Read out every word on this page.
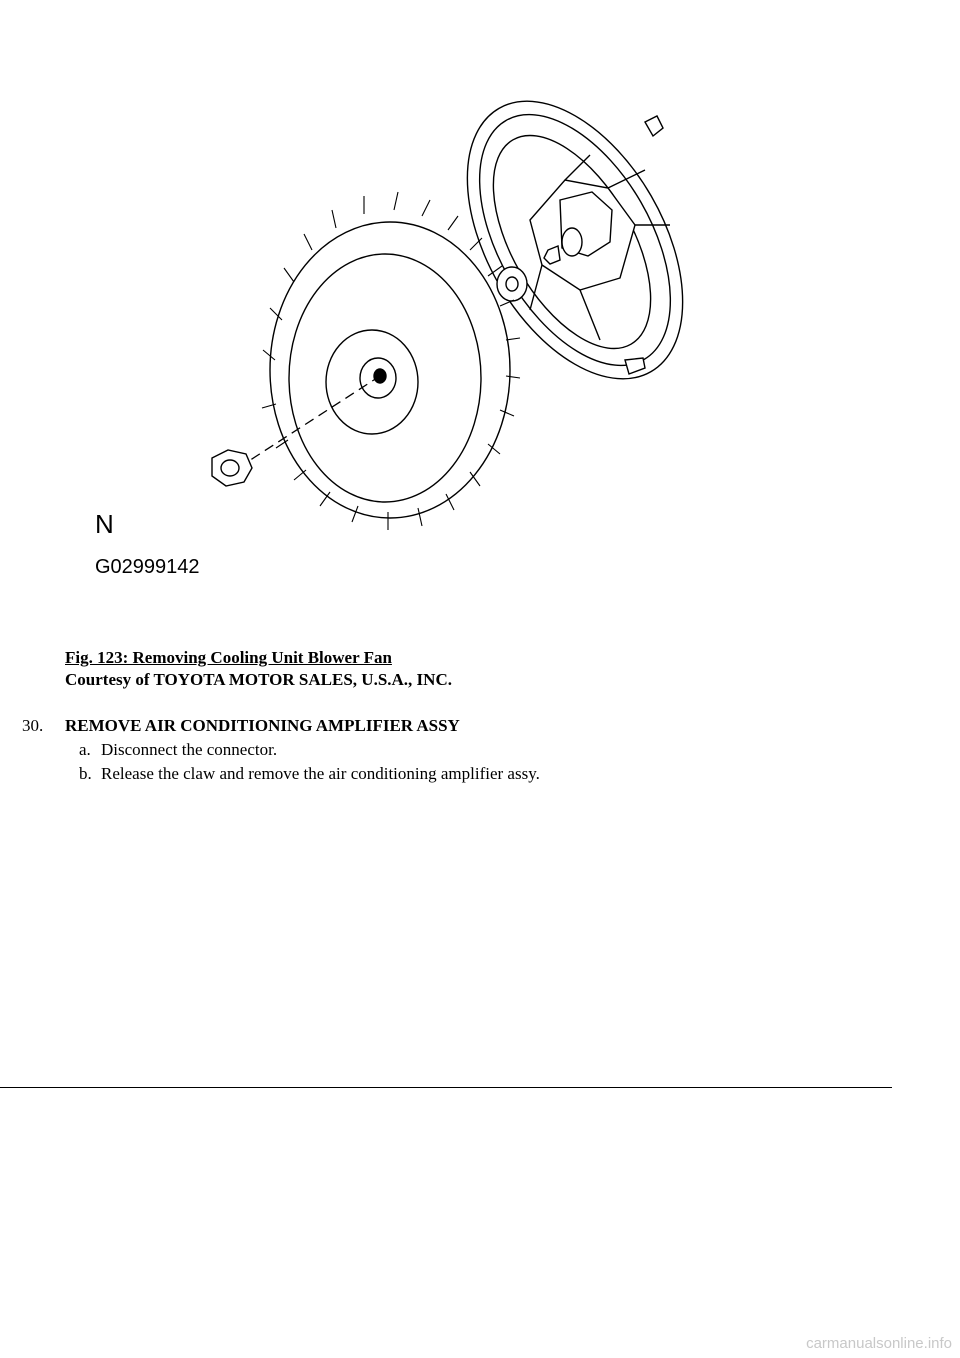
N
G02999142
Fig. 123: Removing Cooling Unit Blower Fan
Courtesy of TOYOTA MOTOR SALES, U.S.A., INC.
30. REMOVE AIR CONDITIONING AMPLIFIER ASSY
a. Disconnect the connector.
b. Release the claw and remove the air conditioning amplifier assy.
carmanualsonline.info
